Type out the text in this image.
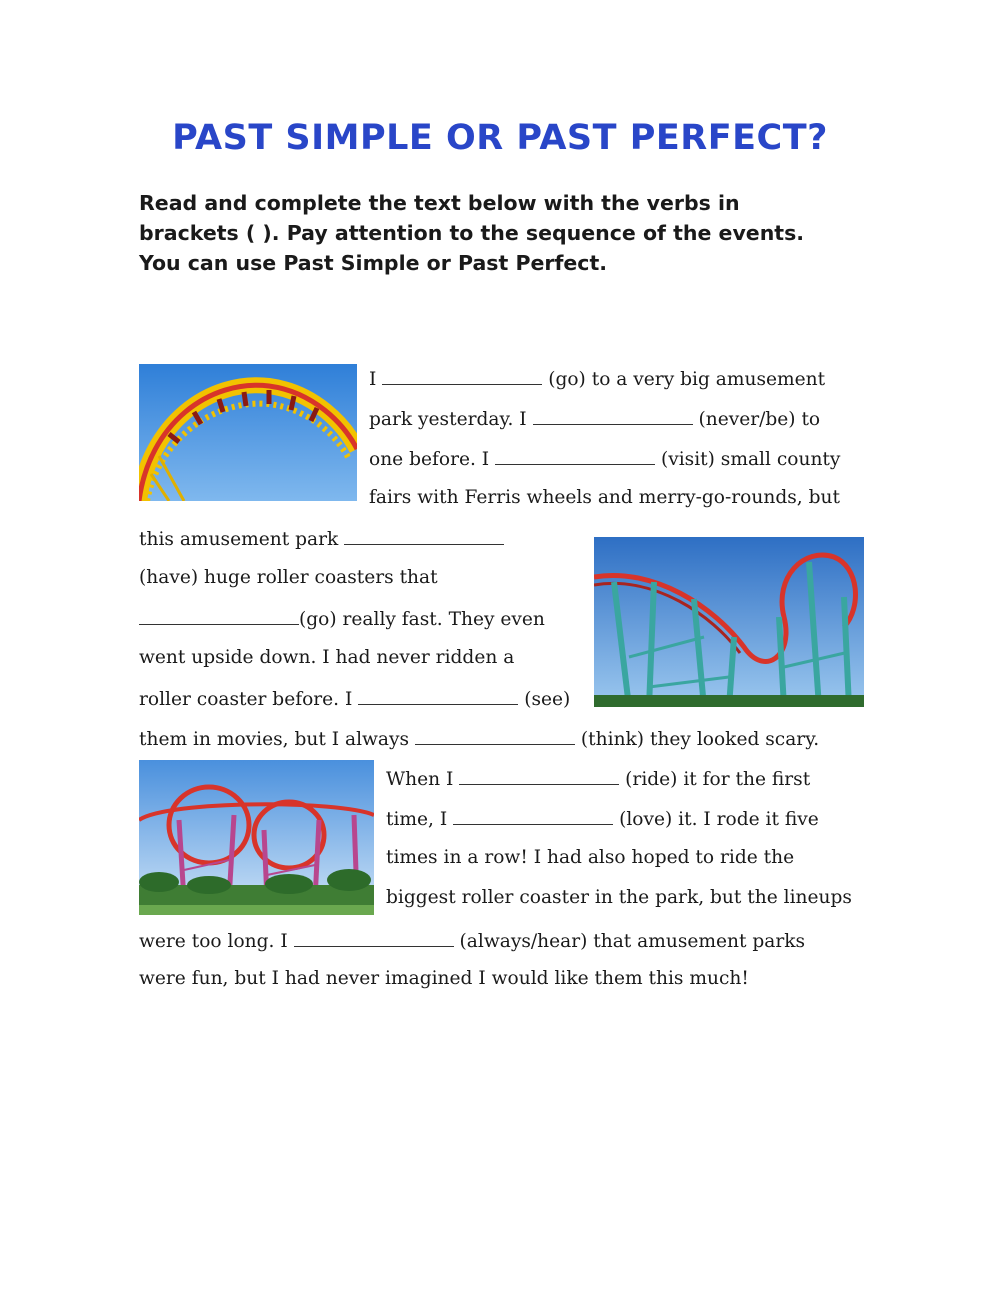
PAST SIMPLE OR PAST PERFECT?
Read and complete the text below with the verbs in
brackets ( ). Pay attention to the sequence of the events.
You can use Past Simple or Past Perfect.
I	(go) to a very big amusement
park yesterday. I	(never/be) to
one before. I	(visit) small county
fairs with Ferris wheels and merry-go-rounds, but
this amusement park
(have) huge roller coasters that
(go) really fast. They even
went upside down. I had never ridden a
roller coaster before. I	(see)
them in movies, but I always	(think) they looked scary.
When I	(ride) it for the first
time, I	(love) it. I rode it five
times in a row! I had also hoped to ride the
biggest roller coaster in the park, but the lineups
were too long. I	(always/hear) that amusement parks
were fun, but I had never imagined I would like them this much!
